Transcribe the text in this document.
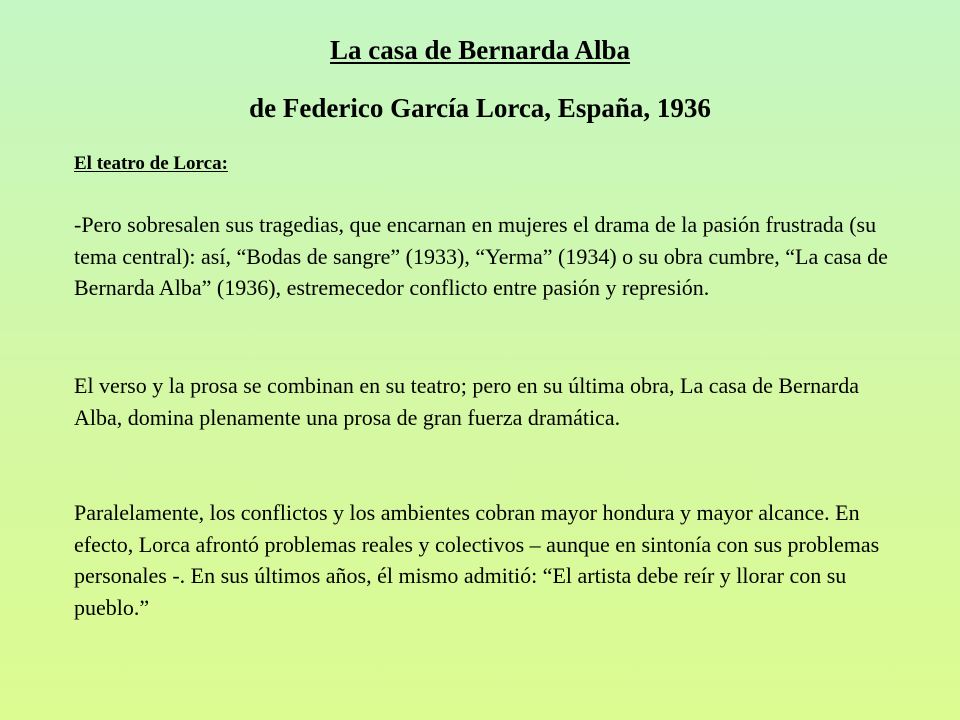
La casa de Bernarda Alba
de Federico García Lorca, España, 1936
El teatro de Lorca:

-Pero sobresalen sus tragedias, que encarnan en mujeres el drama de la pasión frustrada (su tema central): así, “Bodas de sangre” (1933), “Yerma” (1934) o su obra cumbre, “La casa de Bernarda Alba” (1936), estremecedor conflicto entre pasión y represión.

El verso y la prosa se combinan en su teatro; pero en su última obra, La casa de Bernarda Alba, domina plenamente una prosa de gran fuerza dramática.

Paralelamente, los conflictos y los ambientes cobran mayor hondura y mayor alcance. En efecto, Lorca afrontó problemas reales y colectivos – aunque en sintonía con sus problemas personales -. En sus últimos años, él mismo admitió: “El artista debe reír y llorar con su pueblo.”
